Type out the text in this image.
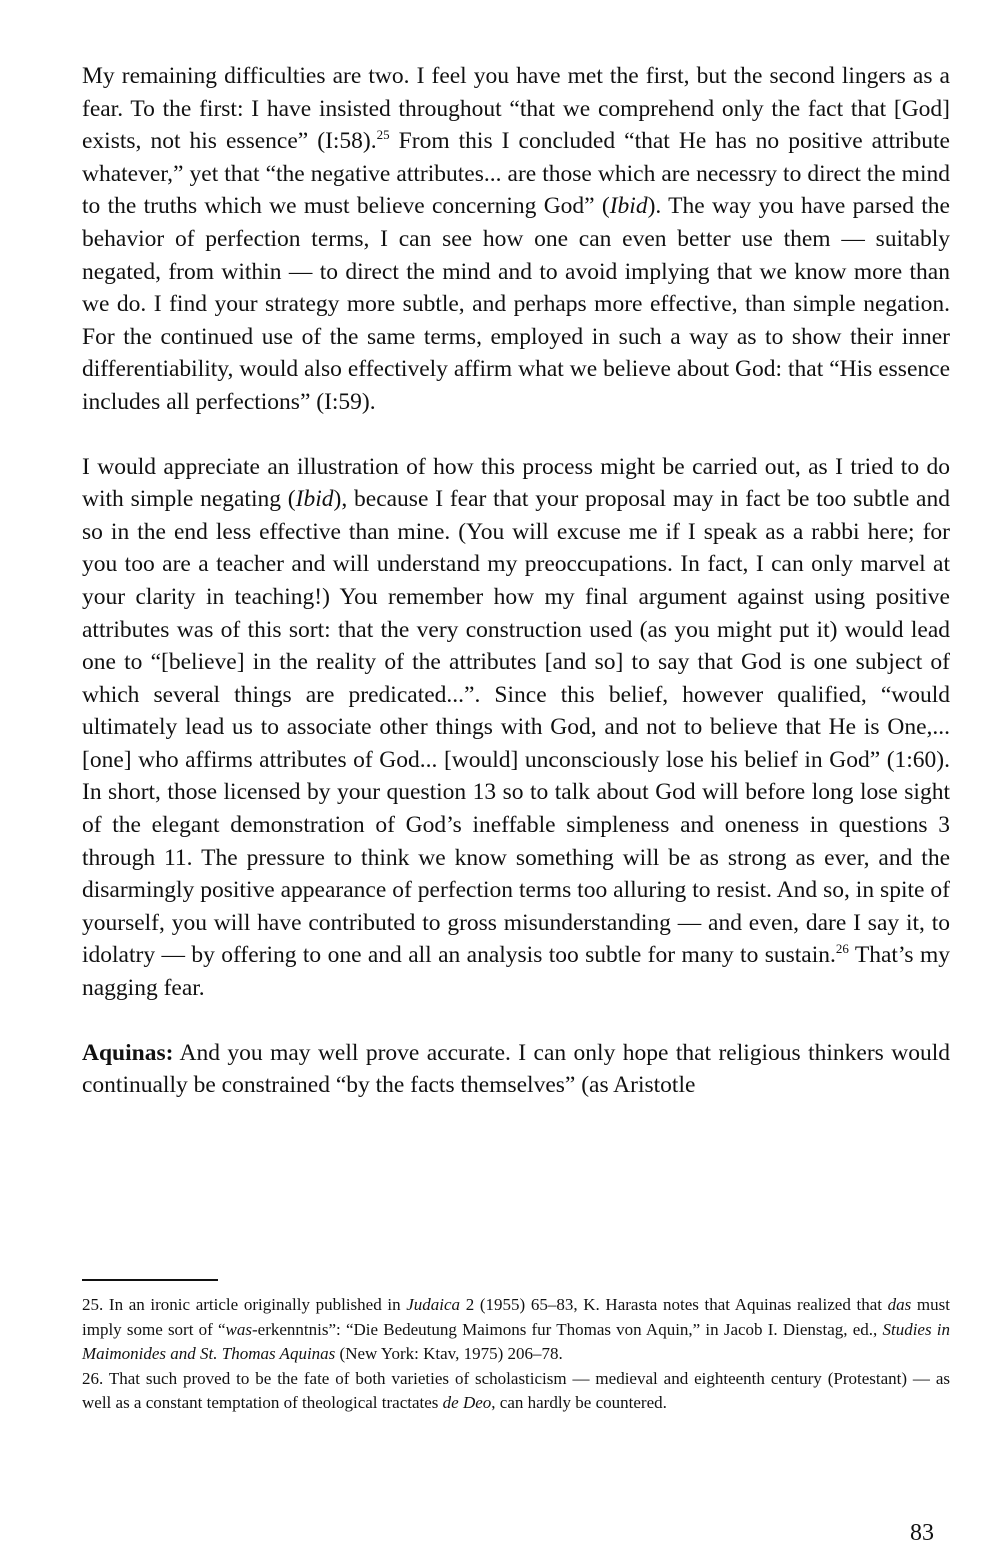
My remaining difficulties are two. I feel you have met the first, but the second lingers as a fear. To the first: I have insisted throughout “that we comprehend only the fact that [God] exists, not his essence” (I:58).$^{25}$ From this I concluded “that He has no positive attribute whatever,” yet that “the negative attributes... are those which are necessry to direct the mind to the truths which we must believe concerning God” (Ibid). The way you have parsed the behavior of perfection terms, I can see how one can even better use them — suitably negated, from within — to direct the mind and to avoid implying that we know more than we do. I find your strategy more subtle, and perhaps more effective, than simple negation. For the continued use of the same terms, employed in such a way as to show their inner differentiability, would also effectively affirm what we believe about God: that “His essence includes all perfections” (I:59).

I would appreciate an illustration of how this process might be carried out, as I tried to do with simple negating (Ibid), because I fear that your proposal may in fact be too subtle and so in the end less effective than mine. (You will excuse me if I speak as a rabbi here; for you too are a teacher and will understand my preoccupations. In fact, I can only marvel at your clarity in teaching!) You remember how my final argument against using positive attributes was of this sort: that the very construction used (as you might put it) would lead one to “[believe] in the reality of the attributes [and so] to say that God is one subject of which several things are predicated...”. Since this belief, however qualified, “would ultimately lead us to associate other things with God, and not to believe that He is One,... [one] who affirms attributes of God... [would] unconsciously lose his belief in God” (1:60). In short, those licensed by your question 13 so to talk about God will before long lose sight of the elegant demonstration of God’s ineffable simpleness and oneness in questions 3 through 11. The pressure to think we know something will be as strong as ever, and the disarmingly positive appearance of perfection terms too alluring to resist. And so, in spite of yourself, you will have contributed to gross misunderstanding — and even, dare I say it, to idolatry — by offering to one and all an analysis too subtle for many to sustain.$^{26}$ That’s my nagging fear.

Aquinas: And you may well prove accurate. I can only hope that religious thinkers would continually be constrained “by the facts themselves” (as Aristotle

25. In an ironic article originally published in Judaica 2 (1955) 65–83, K. Harasta notes that Aquinas realized that das must imply some sort of “was-erkenntnis”: “Die Bedeutung Maimons fur Thomas von Aquin,” in Jacob I. Dienstag, ed., Studies in Maimonides and St. Thomas Aquinas (New York: Ktav, 1975) 206–78.

26. That such proved to be the fate of both varieties of scholasticism — medieval and eighteenth century (Protestant) — as well as a constant temptation of theological tractates de Deo, can hardly be countered.

83
